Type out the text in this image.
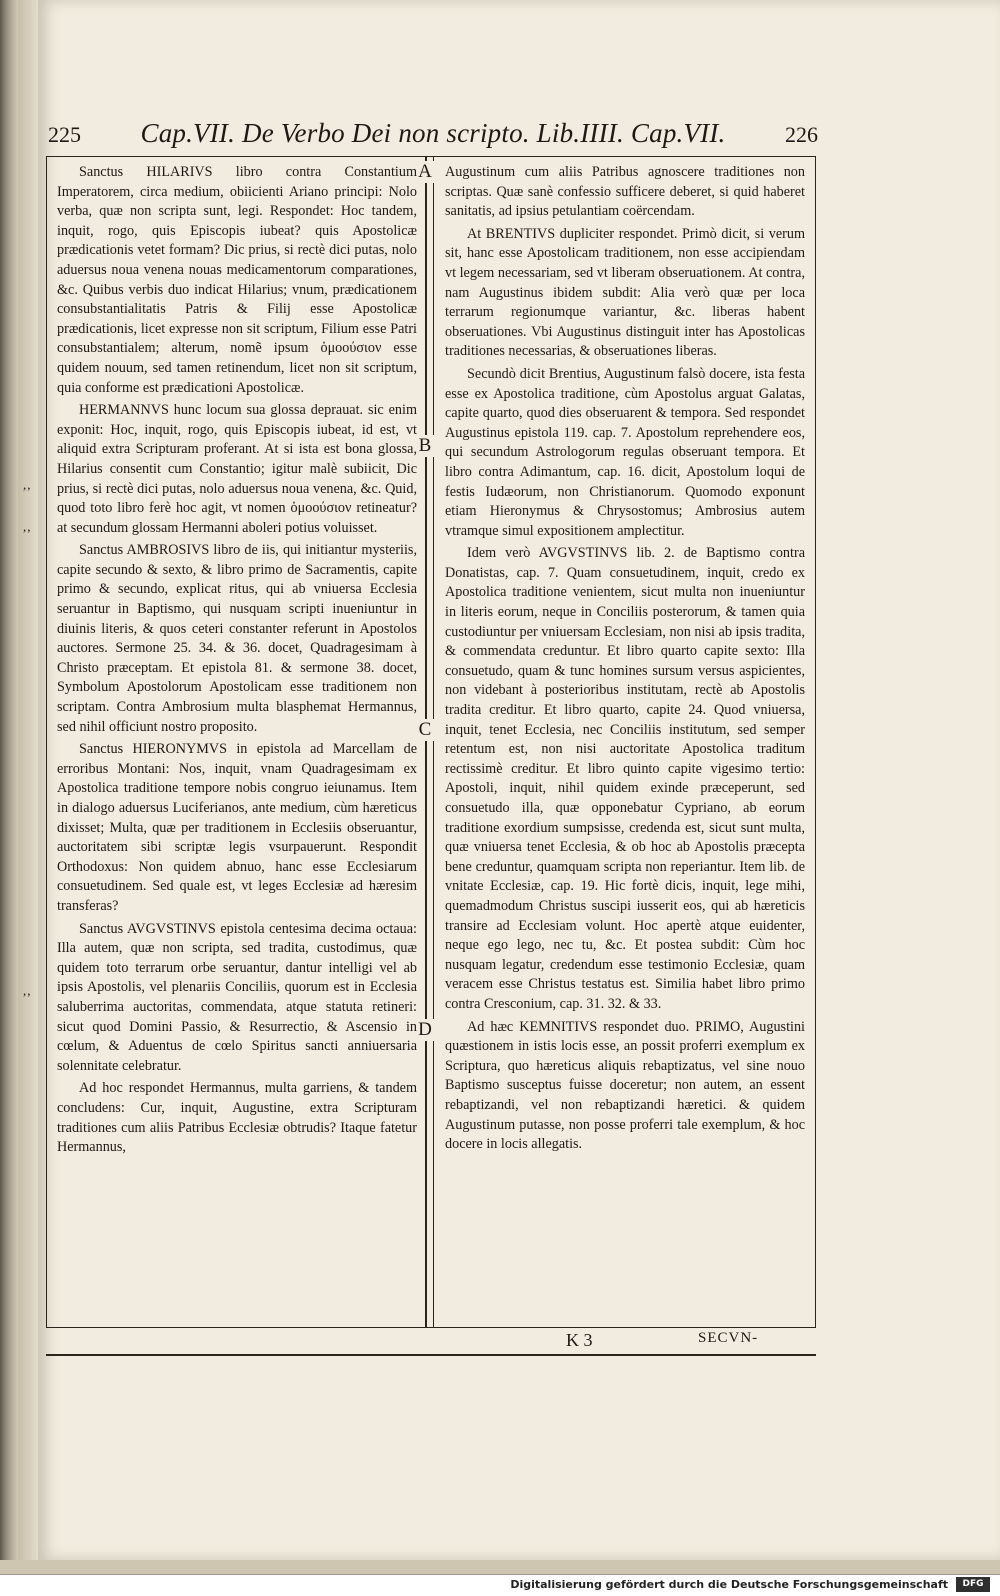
225 Cap.VII. De Verbo Dei non scripto. Lib.IIII. Cap.VII.	226
A
B
C
D
,,
,,
,,

Sanctus HILARIVS libro contra Constantium Imperatorem, circa medium, obiicienti Ariano principi: Nolo verba, quæ non scripta sunt, legi. Respondet: Hoc tandem, inquit, rogo, quis Episcopis iubeat? quis Apostolicæ prædicationis vetet formam? Dic prius, si rectè dici putas, nolo aduersus noua venena nouas medicamentorum comparationes, &c. Quibus verbis duo indicat Hilarius; vnum, prædicationem consubstantialitatis Patris & Filij esse Apostolicæ prædicationis, licet expresse non sit scriptum, Filium esse Patri consubstantialem; alterum, nomẽ ipsum ὁμοούσιον esse quidem nouum, sed tamen retinendum, licet non sit scriptum, quia conforme est prædicationi Apostolicæ.

HERMANNVS hunc locum sua glossa deprauat. sic enim exponit: Hoc, inquit, rogo, quis Episcopis iubeat, id est, vt aliquid extra Scripturam proferant. At si ista est bona glossa, Hilarius consentit cum Constantio; igitur malè subiicit, Dic prius, si rectè dici putas, nolo aduersus noua venena, &c. Quid, quod toto libro ferè hoc agit, vt nomen ὁμοούσιον retineatur? at secundum glossam Hermanni aboleri potius voluisset.

Sanctus AMBROSIVS libro de iis, qui initiantur mysteriis, capite secundo & sexto, & libro primo de Sacramentis, capite primo & secundo, explicat ritus, qui ab vniuersa Ecclesia seruantur in Baptismo, qui nusquam scripti inueniuntur in diuinis literis, & quos ceteri constanter referunt in Apostolos auctores. Sermone 25. 34. & 36. docet, Quadragesimam à Christo præceptam. Et epistola 81. & sermone 38. docet, Symbolum Apostolorum Apostolicam esse traditionem non scriptam. Contra Ambrosium multa blasphemat Hermannus, sed nihil officiunt nostro proposito.

Sanctus HIERONYMVS in epistola ad Marcellam de erroribus Montani: Nos, inquit, vnam Quadragesimam ex Apostolica traditione tempore nobis congruo ieiunamus. Item in dialogo aduersus Luciferianos, ante medium, cùm hæreticus dixisset; Multa, quæ per traditionem in Ecclesiis obseruantur, auctoritatem sibi scriptæ legis vsurpauerunt. Respondit Orthodoxus: Non quidem abnuo, hanc esse Ecclesiarum consuetudinem. Sed quale est, vt leges Ecclesiæ ad hæresim transferas?

Sanctus AVGVSTINVS epistola centesima decima octaua: Illa autem, quæ non scripta, sed tradita, custodimus, quæ quidem toto terrarum orbe seruantur, dantur intelligi vel ab ipsis Apostolis, vel plenariis Conciliis, quorum est in Ecclesia saluberrima auctoritas, commendata, atque statuta retineri: sicut quod Domini Passio, & Resurrectio, & Ascensio in cœlum, & Aduentus de cœlo Spiritus sancti anniuersaria solennitate celebratur.

Ad hoc respondet Hermannus, multa garriens, & tandem concludens: Cur, inquit, Augustine, extra Scripturam traditiones cum aliis Patribus Ecclesiæ obtrudis? Itaque fatetur Hermannus,

Augustinum cum aliis Patribus agnoscere traditiones non scriptas. Quæ sanè confessio sufficere deberet, si quid haberet sanitatis, ad ipsius petulantiam coërcendam.

At BRENTIVS dupliciter respondet. Primò dicit, si verum sit, hanc esse Apostolicam traditionem, non esse accipiendam vt legem necessariam, sed vt liberam obseruationem. At contra, nam Augustinus ibidem subdit: Alia verò quæ per loca terrarum regionumque variantur, &c. liberas habent obseruationes. Vbi Augustinus distinguit inter has Apostolicas traditiones necessarias, & obseruationes liberas.

Secundò dicit Brentius, Augustinum falsò docere, ista festa esse ex Apostolica traditione, cùm Apostolus arguat Galatas, capite quarto, quod dies obseruarent & tempora. Sed respondet Augustinus epistola 119. cap. 7. Apostolum reprehendere eos, qui secundum Astrologorum regulas obseruant tempora. Et libro contra Adimantum, cap. 16. dicit, Apostolum loqui de festis Iudæorum, non Christianorum. Quomodo exponunt etiam Hieronymus & Chrysostomus; Ambrosius autem vtramque simul expositionem amplectitur.

Idem verò AVGVSTINVS lib. 2. de Baptismo contra Donatistas, cap. 7. Quam consuetudinem, inquit, credo ex Apostolica traditione venientem, sicut multa non inueniuntur in literis eorum, neque in Conciliis posterorum, & tamen quia custodiuntur per vniuersam Ecclesiam, non nisi ab ipsis tradita, & commendata creduntur. Et libro quarto capite sexto: Illa consuetudo, quam & tunc homines sursum versus aspicientes, non videbant à posterioribus institutam, rectè ab Apostolis tradita creditur. Et libro quarto, capite 24. Quod vniuersa, inquit, tenet Ecclesia, nec Conciliis institutum, sed semper retentum est, non nisi auctoritate Apostolica traditum rectissimè creditur. Et libro quinto capite vigesimo tertio: Apostoli, inquit, nihil quidem exinde præceperunt, sed consuetudo illa, quæ opponebatur Cypriano, ab eorum traditione exordium sumpsisse, credenda est, sicut sunt multa, quæ vniuersa tenet Ecclesia, & ob hoc ab Apostolis præcepta bene creduntur, quamquam scripta non reperiantur. Item lib. de vnitate Ecclesiæ, cap. 19. Hic fortè dicis, inquit, lege mihi, quemadmodum Christus suscipi iusserit eos, qui ab hæreticis transire ad Ecclesiam volunt. Hoc apertè atque euidenter, neque ego lego, nec tu, &c. Et postea subdit: Cùm hoc nusquam legatur, credendum esse testimonio Ecclesiæ, quam veracem esse Christus testatus est. Similia habet libro primo contra Cresconium, cap. 31. 32. & 33.

Ad hæc KEMNITIVS respondet duo. PRIMO, Augustini quæstionem in istis locis esse, an possit proferri exemplum ex Scriptura, quo hæreticus aliquis rebaptizatus, vel sine nouo Baptismo susceptus fuisse doceretur; non autem, an essent rebaptizandi, vel non rebaptizandi hæretici. & quidem Augustinum putasse, non posse proferri tale exemplum, & hoc docere in locis allegatis.

K 3	SECVN-
Digitalisierung gefördert durch die Deutsche Forschungsgemeinschaft	DFG
